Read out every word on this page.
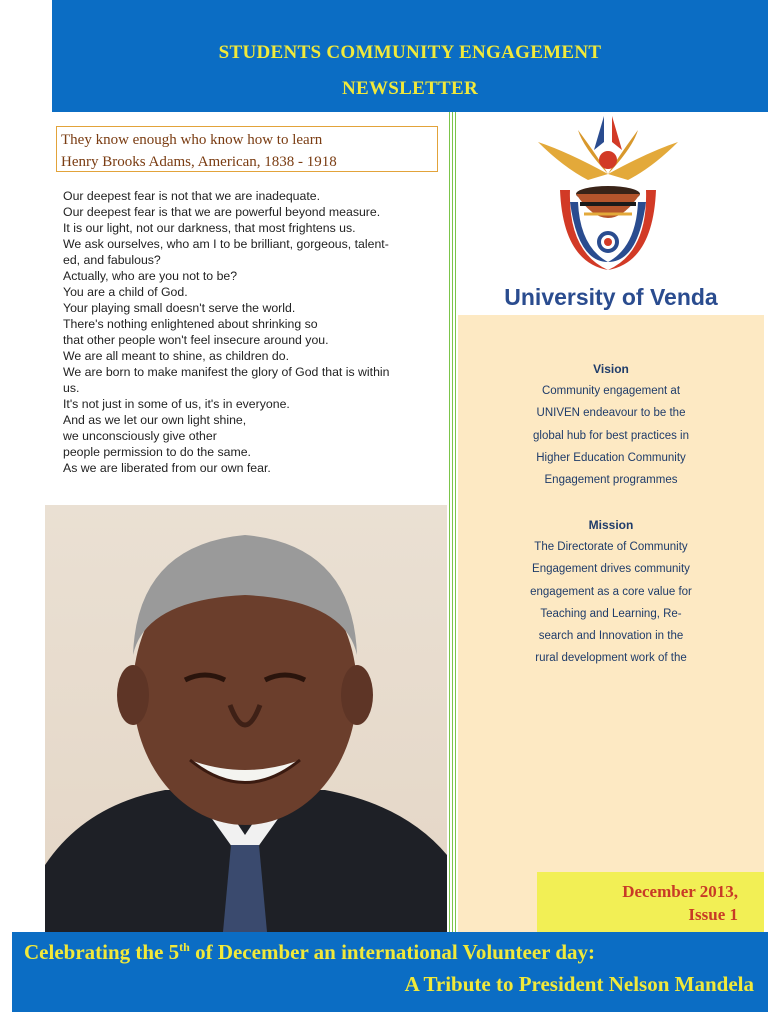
STUDENTS COMMUNITY ENGAGEMENT
NEWSLETTER
They know enough who know how to learn
Henry Brooks Adams, American, 1838 - 1918
Our deepest fear is not that we are inadequate.
Our deepest fear is that we are powerful beyond measure.
It is our light, not our darkness, that most frightens us.
We ask ourselves, who am I to be brilliant, gorgeous, talent-
ed, and fabulous?
Actually, who are you not to be?
You are a child of God.
Your playing small doesn't serve the world.
There's nothing enlightened about shrinking so
that other people won't feel insecure around you.
We are all meant to shine, as children do.
We are born to make manifest the glory of God that is within
us.
It's not just in some of us, it's in everyone.
And as we let our own light shine,
we unconsciously give other
people permission to do the same.
As we are liberated from our own fear.
University of Venda
Vision
Community engagement at
UNIVEN endeavour to be the
global hub for best practices in
Higher Education Community
Engagement programmes
Mission
The Directorate of Community
Engagement drives community
engagement as a core value for
Teaching and Learning, Re-
search and Innovation in the
rural development work of the
December 2013,
Issue 1
Celebrating the 5th of December an international Volunteer day:
A Tribute to President Nelson Mandela
